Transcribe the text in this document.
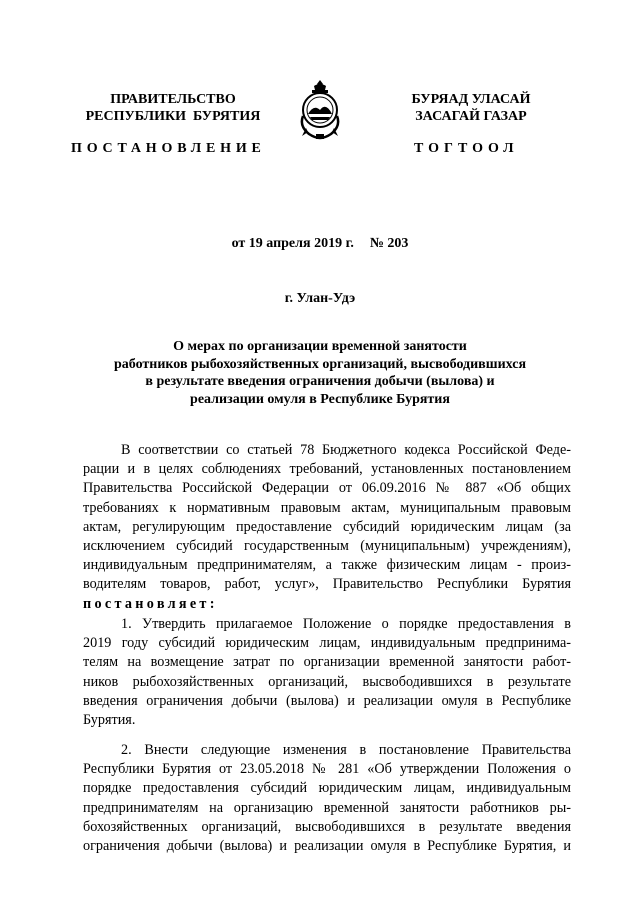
ПРАВИТЕЛЬСТВО
РЕСПУБЛИКИ  БУРЯТИЯ
БУРЯАД УЛАСАЙ
ЗАСАГАЙ ГАЗАР
ПОСТАНОВЛЕНИЕ	ТОГТООЛ
от 19 апреля 2019 г. № 203
г. Улан-Удэ
О мерах по организации временной занятости
работников рыбохозяйственных организаций, высвободившихся
в результате введения ограничения добычи (вылова) и
реализации омуля в Республике Бурятия
В соответствии со статьей 78 Бюджетного кодекса Российской Феде-
рации и в целях соблюдениях требований, установленных постановлением
Правительства Российской Федерации от 06.09.2016 № 887 «Об общих
требованиях к нормативным правовым актам, муниципальным правовым
актам, регулирующим предоставление субсидий юридическим лицам (за
исключением субсидий государственным (муниципальным) учреждениям),
индивидуальным предпринимателям, а также физическим лицам - произ-
водителям товаров, работ, услуг», Правительство Республики Бурятия
постановляет:
1. Утвердить прилагаемое Положение о порядке предоставления в
2019 году субсидий юридическим лицам, индивидуальным предпринима-
телям на возмещение затрат по организации временной занятости работ-
ников рыбохозяйственных организаций, высвободившихся в результате
введения ограничения добычи (вылова) и реализации омуля в Республике
Бурятия.
2. Внести следующие изменения в постановление Правительства
Республики Бурятия от 23.05.2018 № 281 «Об утверждении Положения о
порядке предоставления субсидий юридическим лицам, индивидуальным
предпринимателям на организацию временной занятости работников ры-
бохозяйственных организаций, высвободившихся в результате введения
ограничения добычи (вылова) и реализации омуля в Республике Бурятия, и
